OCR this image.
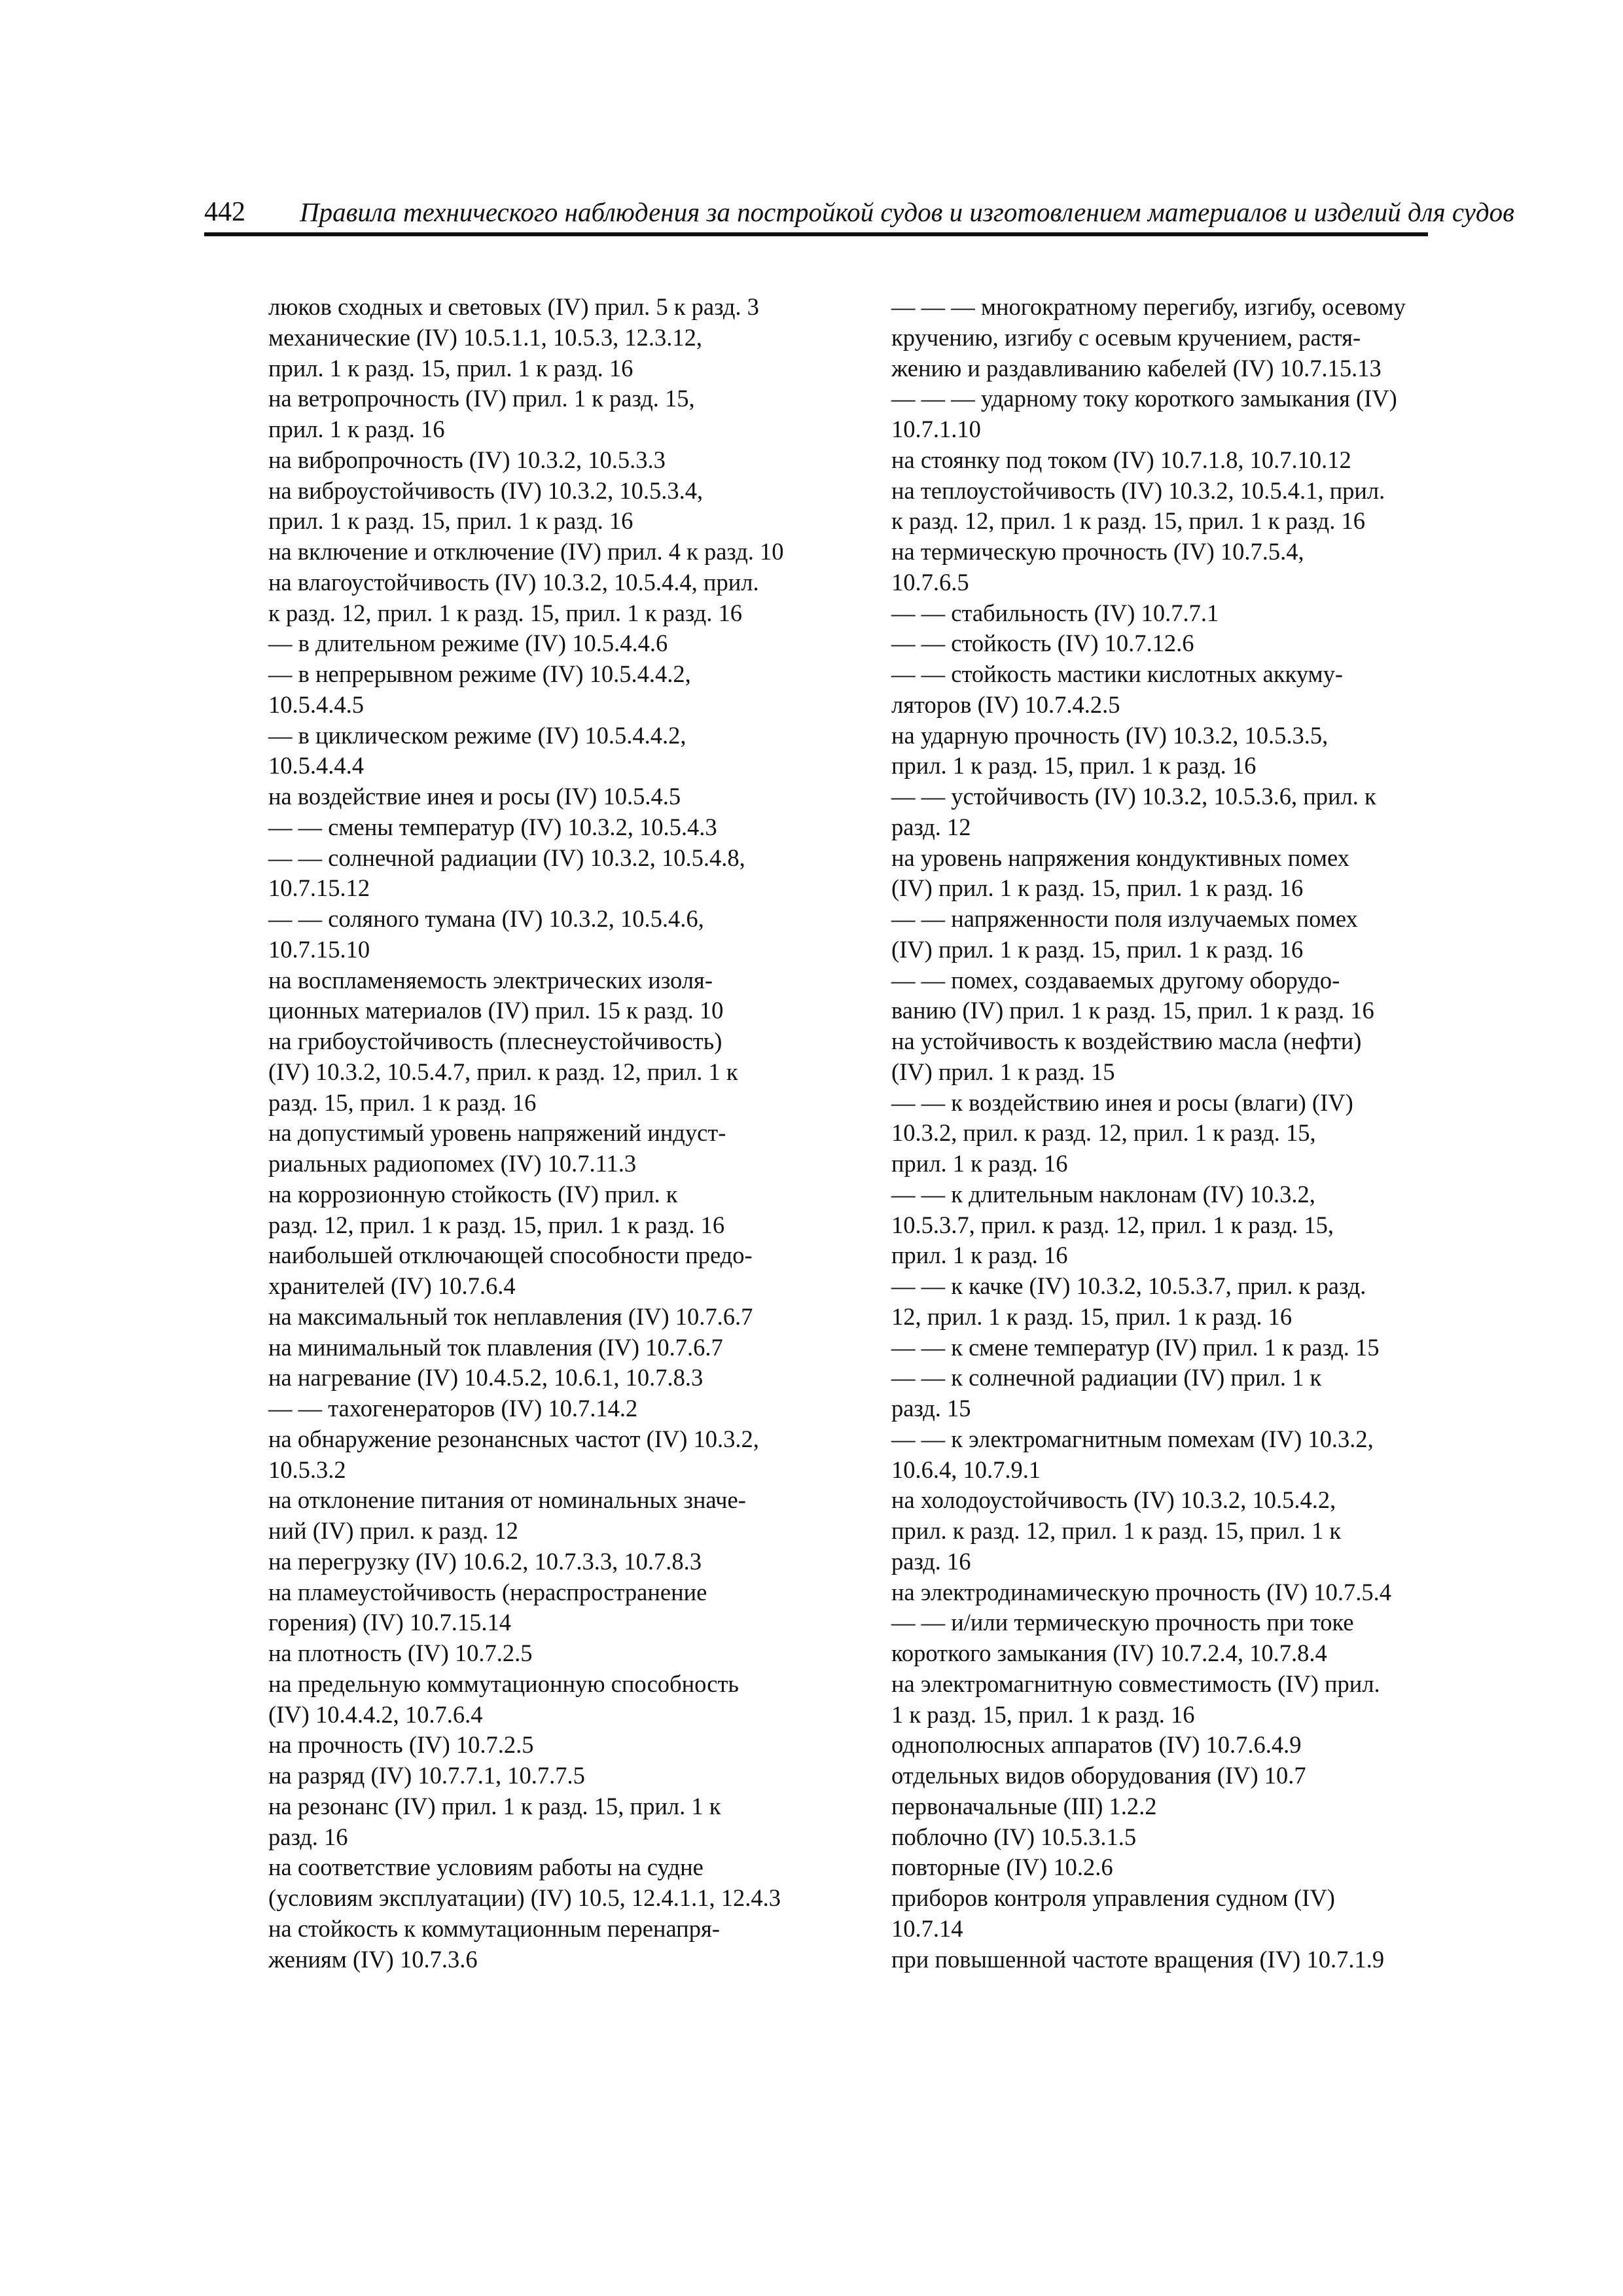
442 Правила технического наблюдения за постройкой судов и изготовлением материалов и изделий для судов
люков сходных и световых (IV) прил. 5 к разд. 3
механические (IV) 10.5.1.1, 10.5.3, 12.3.12,
прил. 1 к разд. 15, прил. 1 к разд. 16
на ветропрочность (IV) прил. 1 к разд. 15,
прил. 1 к разд. 16
на вибропрочность (IV) 10.3.2, 10.5.3.3
на виброустойчивость (IV) 10.3.2, 10.5.3.4,
прил. 1 к разд. 15, прил. 1 к разд. 16
на включение и отключение (IV) прил. 4 к разд. 10
на влагоустойчивость (IV) 10.3.2, 10.5.4.4, прил.
к разд. 12, прил. 1 к разд. 15, прил. 1 к разд. 16
— в длительном режиме (IV) 10.5.4.4.6
— в непрерывном режиме (IV) 10.5.4.4.2,
10.5.4.4.5
— в циклическом режиме (IV) 10.5.4.4.2,
10.5.4.4.4
на воздействие инея и росы (IV) 10.5.4.5
— — смены температур (IV) 10.3.2, 10.5.4.3
— — солнечной радиации (IV) 10.3.2, 10.5.4.8,
10.7.15.12
— — соляного тумана (IV) 10.3.2, 10.5.4.6,
10.7.15.10
на воспламеняемость электрических изоля-
ционных материалов (IV) прил. 15 к разд. 10
на грибоустойчивость (плеснеустойчивость)
(IV) 10.3.2, 10.5.4.7, прил. к разд. 12, прил. 1 к
разд. 15, прил. 1 к разд. 16
на допустимый уровень напряжений индуст-
риальных радиопомех (IV) 10.7.11.3
на коррозионную стойкость (IV) прил. к
разд. 12, прил. 1 к разд. 15, прил. 1 к разд. 16
наибольшей отключающей способности предо-
хранителей (IV) 10.7.6.4
на максимальный ток неплавления (IV) 10.7.6.7
на минимальный ток плавления (IV) 10.7.6.7
на нагревание (IV) 10.4.5.2, 10.6.1, 10.7.8.3
— — тахогенераторов (IV) 10.7.14.2
на обнаружение резонансных частот (IV) 10.3.2,
10.5.3.2
на отклонение питания от номинальных значе-
ний (IV) прил. к разд. 12
на перегрузку (IV) 10.6.2, 10.7.3.3, 10.7.8.3
на пламеустойчивость (нераспространение
горения) (IV) 10.7.15.14
на плотность (IV) 10.7.2.5
на предельную коммутационную способность
(IV) 10.4.4.2, 10.7.6.4
на прочность (IV) 10.7.2.5
на разряд (IV) 10.7.7.1, 10.7.7.5
на резонанс (IV) прил. 1 к разд. 15, прил. 1 к
разд. 16
на соответствие условиям работы на судне
(условиям эксплуатации) (IV) 10.5, 12.4.1.1, 12.4.3
на стойкость к коммутационным перенапря-
жениям (IV) 10.7.3.6
— — — многократному перегибу, изгибу, осевому
кручению, изгибу с осевым кручением, растя-
жению и раздавливанию кабелей (IV) 10.7.15.13
— — — ударному току короткого замыкания (IV)
10.7.1.10
на стоянку под током (IV) 10.7.1.8, 10.7.10.12
на теплоустойчивость (IV) 10.3.2, 10.5.4.1, прил.
к разд. 12, прил. 1 к разд. 15, прил. 1 к разд. 16
на термическую прочность (IV) 10.7.5.4,
10.7.6.5
— — стабильность (IV) 10.7.7.1
— — стойкость (IV) 10.7.12.6
— — стойкость мастики кислотных аккуму-
ляторов (IV) 10.7.4.2.5
на ударную прочность (IV) 10.3.2, 10.5.3.5,
прил. 1 к разд. 15, прил. 1 к разд. 16
— — устойчивость (IV) 10.3.2, 10.5.3.6, прил. к
разд. 12
на уровень напряжения кондуктивных помех
(IV) прил. 1 к разд. 15, прил. 1 к разд. 16
— — напряженности поля излучаемых помех
(IV) прил. 1 к разд. 15, прил. 1 к разд. 16
— — помех, создаваемых другому оборудо-
ванию (IV) прил. 1 к разд. 15, прил. 1 к разд. 16
на устойчивость к воздействию масла (нефти)
(IV) прил. 1 к разд. 15
— — к воздействию инея и росы (влаги) (IV)
10.3.2, прил. к разд. 12, прил. 1 к разд. 15,
прил. 1 к разд. 16
— — к длительным наклонам (IV) 10.3.2,
10.5.3.7, прил. к разд. 12, прил. 1 к разд. 15,
прил. 1 к разд. 16
— — к качке (IV) 10.3.2, 10.5.3.7, прил. к разд.
12, прил. 1 к разд. 15, прил. 1 к разд. 16
— — к смене температур (IV) прил. 1 к разд. 15
— — к солнечной радиации (IV) прил. 1 к
разд. 15
— — к электромагнитным помехам (IV) 10.3.2,
10.6.4, 10.7.9.1
на холодоустойчивость (IV) 10.3.2, 10.5.4.2,
прил. к разд. 12, прил. 1 к разд. 15, прил. 1 к
разд. 16
на электродинамическую прочность (IV) 10.7.5.4
— — и/или термическую прочность при токе
короткого замыкания (IV) 10.7.2.4, 10.7.8.4
на электромагнитную совместимость (IV) прил.
1 к разд. 15, прил. 1 к разд. 16
однополюсных аппаратов (IV) 10.7.6.4.9
отдельных видов оборудования (IV) 10.7
первоначальные (III) 1.2.2
поблочно (IV) 10.5.3.1.5
повторные (IV) 10.2.6
приборов контроля управления судном (IV)
10.7.14
при повышенной частоте вращения (IV) 10.7.1.9
